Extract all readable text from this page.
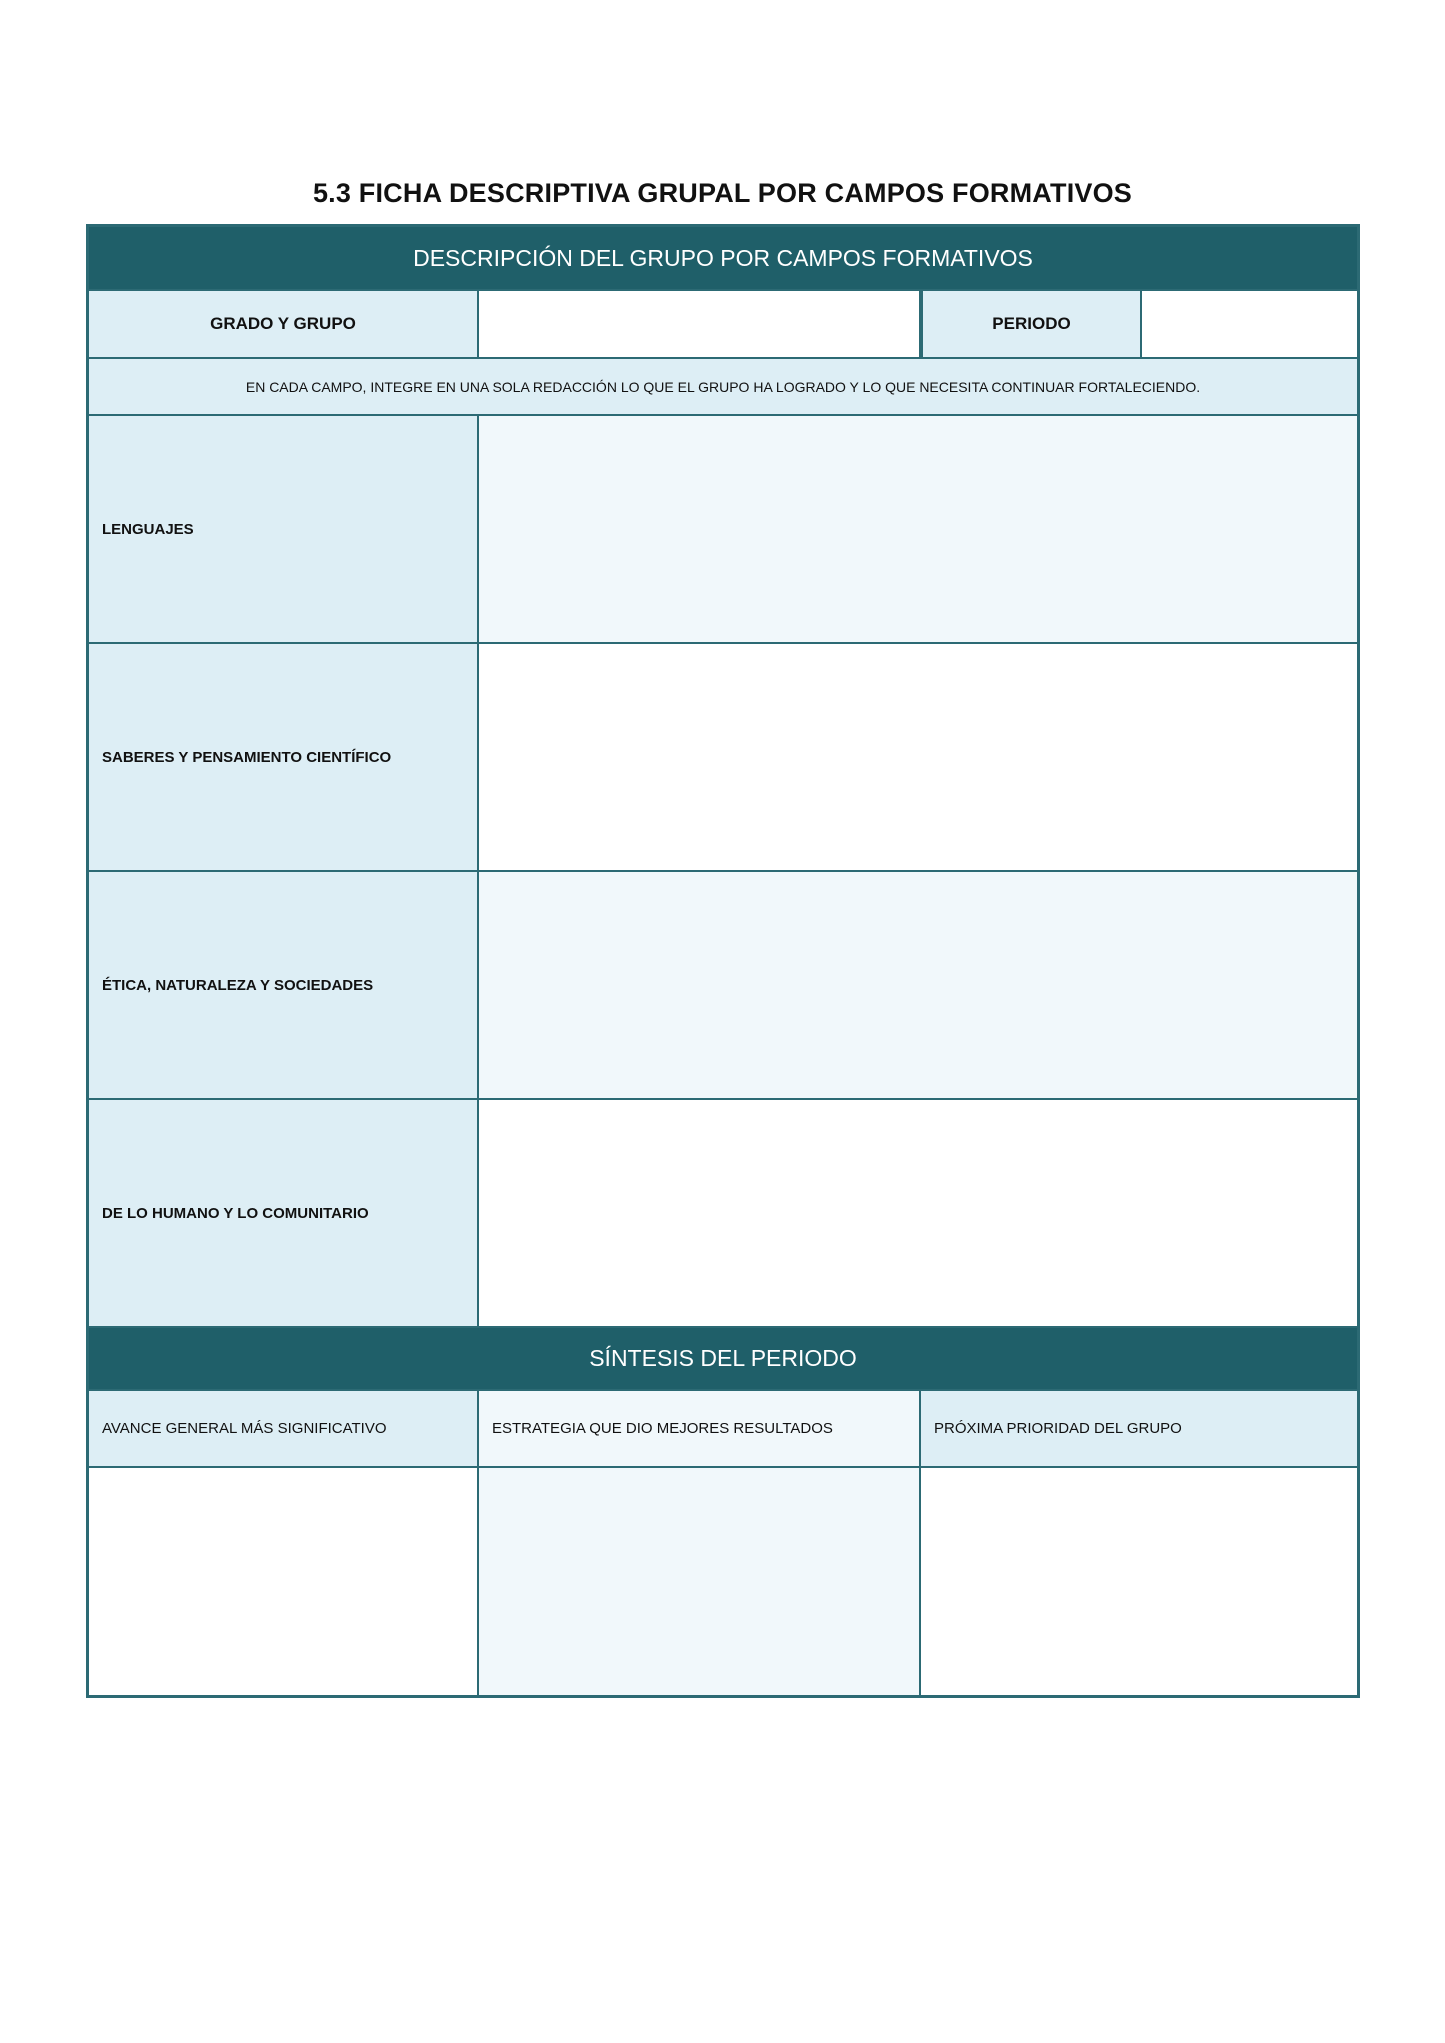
5.3 FICHA DESCRIPTIVA GRUPAL POR CAMPOS FORMATIVOS
DESCRIPCIÓN DEL GRUPO POR CAMPOS FORMATIVOS
GRADO Y GRUPO	PERIODO
EN CADA CAMPO, INTEGRE EN UNA SOLA REDACCIÓN LO QUE EL GRUPO HA LOGRADO Y LO QUE NECESITA CONTINUAR FORTALECIENDO.
LENGUAJES
SABERES Y PENSAMIENTO CIENTÍFICO
ÉTICA, NATURALEZA Y SOCIEDADES
DE LO HUMANO Y LO COMUNITARIO
SÍNTESIS DEL PERIODO
AVANCE GENERAL MÁS SIGNIFICATIVO	ESTRATEGIA QUE DIO MEJORES RESULTADOS	PRÓXIMA PRIORIDAD DEL GRUPO
